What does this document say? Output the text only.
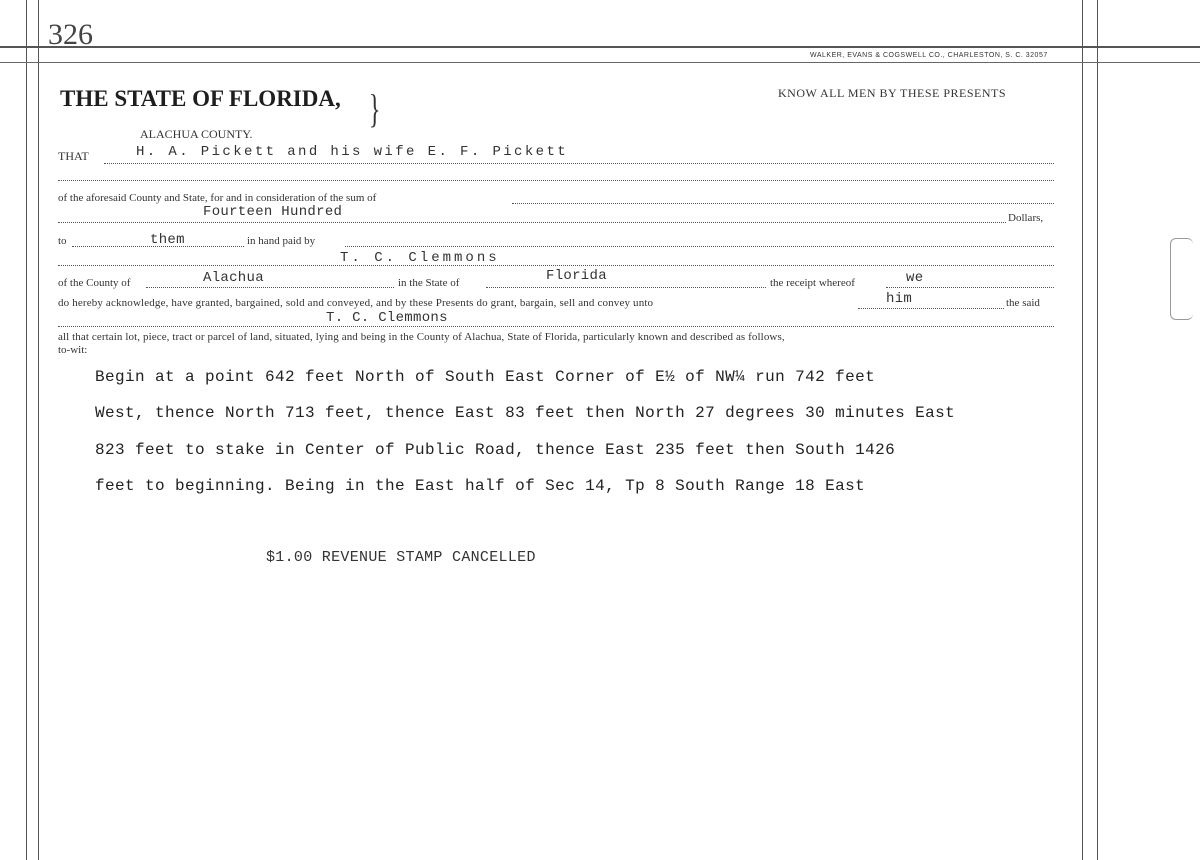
326
WALKER, EVANS & COGSWELL CO., CHARLESTON, S. C. 32057
THE STATE OF FLORIDA, }	KNOW ALL MEN BY THESE PRESENTS
ALACHUA COUNTY.
THAT	H. A. Pickett and his wife E. F. Pickett
of the aforesaid County and State, for and in consideration of the sum of
Fourteen Hundred	Dollars,
to	them	in hand paid by
T. C. Clemmons
of the County of	Alachua	in the State of	Florida	the receipt whereof	we
do hereby acknowledge, have granted, bargained, sold and conveyed, and by these Presents do grant, bargain, sell and convey unto	him	the said
T. C. Clemmons
all that certain lot, piece, tract or parcel of land, situated, lying and being in the County of Alachua, State of Florida, particularly known and described as follows,
to-wit:
Begin at a point 642 feet North of South East Corner of E½ of NW¼ run 742 feet
West, thence North 713 feet, thence East 83 feet then North 27 degrees 30 minutes East
823 feet to stake in Center of Public Road, thence East 235 feet then South 1426
feet to beginning. Being in the East half of Sec 14, Tp 8 South Range 18 East
$1.00 REVENUE STAMP CANCELLED
